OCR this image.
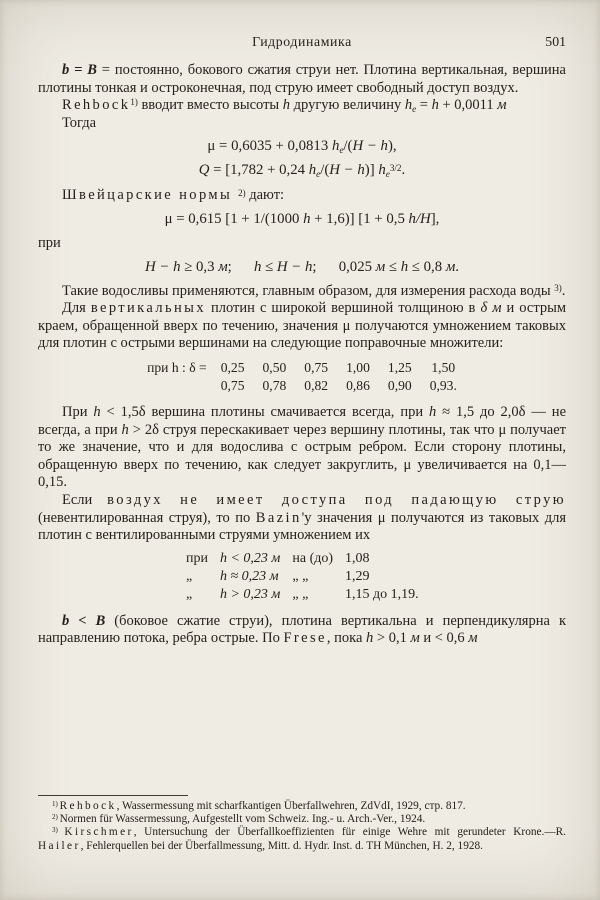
Гидродинамика	501

b = B = постоянно, бокового сжатия струи нет. Плотина вертикальная, вершина плотины тонкая и остроконечная, под струю имеет свободный доступ воздух.

Rehbock$^{1)}$ вводит вместо высоты h другую величину he = h + 0,0011 м

Тогда

μ = 0,6035 + 0,0813 he/(H − h),
Q = [1,782 + 0,24 he/(H − h)] $he^{3/2}$.

Швейцарские нормы $^{2)}$ дают:

μ = 0,615 [1 + 1/(1000 h + 1,6)] [1 + 0,5 h/H],

при

H − h ≥ 0,3 м;      h ≤ H − h;      0,025 м ≤ h ≤ 0,8 м.

Такие водосливы применяются, главным образом, для измерения расхода воды $^{3)}$.

Для вертикальных плотин с широкой вершиной толщиною в δ м и острым краем, обращенной вверх по течению, значения μ получаются умножением таковых для плотин с острыми вершинами на следующие поправочные множители:

при h : δ =	0,25	0,50	0,75	1,00	1,25	1,50
	0,75	0,78	0,82	0,86	0,90	0,93.

При h < 1,5δ вершина плотины смачивается всегда, при h ≈ 1,5 до 2,0δ — не всегда, а при h > 2δ струя перескакивает через вершину плотины, так что μ получает то же значение, что и для водослива с острым ребром. Если сторону плотины, обращенную вверх по течению, как следует закруглить, μ увеличивается на 0,1—0,15.

Если воздух не имеет доступа под падающую струю (невентилированная струя), то по Bazin'у значения μ получаются из таковых для плотин с вентилированными струями умножением их

при	h < 0,23 м	на (до)	1,08
„	h ≈ 0,23 м	„ „	1,29
„	h > 0,23 м	„ „	1,15 до 1,19.

b < B (боковое сжатие струи), плотина вертикальна и перпендикулярна к направлению потока, ребра острые. По Frese, пока h > 0,1 м и < 0,6 м

$^{1)}$ Rehbock, Wassermessung mit scharfkantigen Überfallwehren, ZdVdI, 1929, стр. 817.

$^{2)}$ Normen für Wassermessung, Aufgestellt vom Schweiz. Ing.- u. Arch.-Ver., 1924.

$^{3)}$ Kirschmer, Untersuchung der Überfallkoeffizienten für einige Wehre mit gerundeter Krone.—R. Hailer, Fehlerquellen bei der Überfallmessung, Mitt. d. Hydr. Inst. d. TH München, H. 2, 1928.
